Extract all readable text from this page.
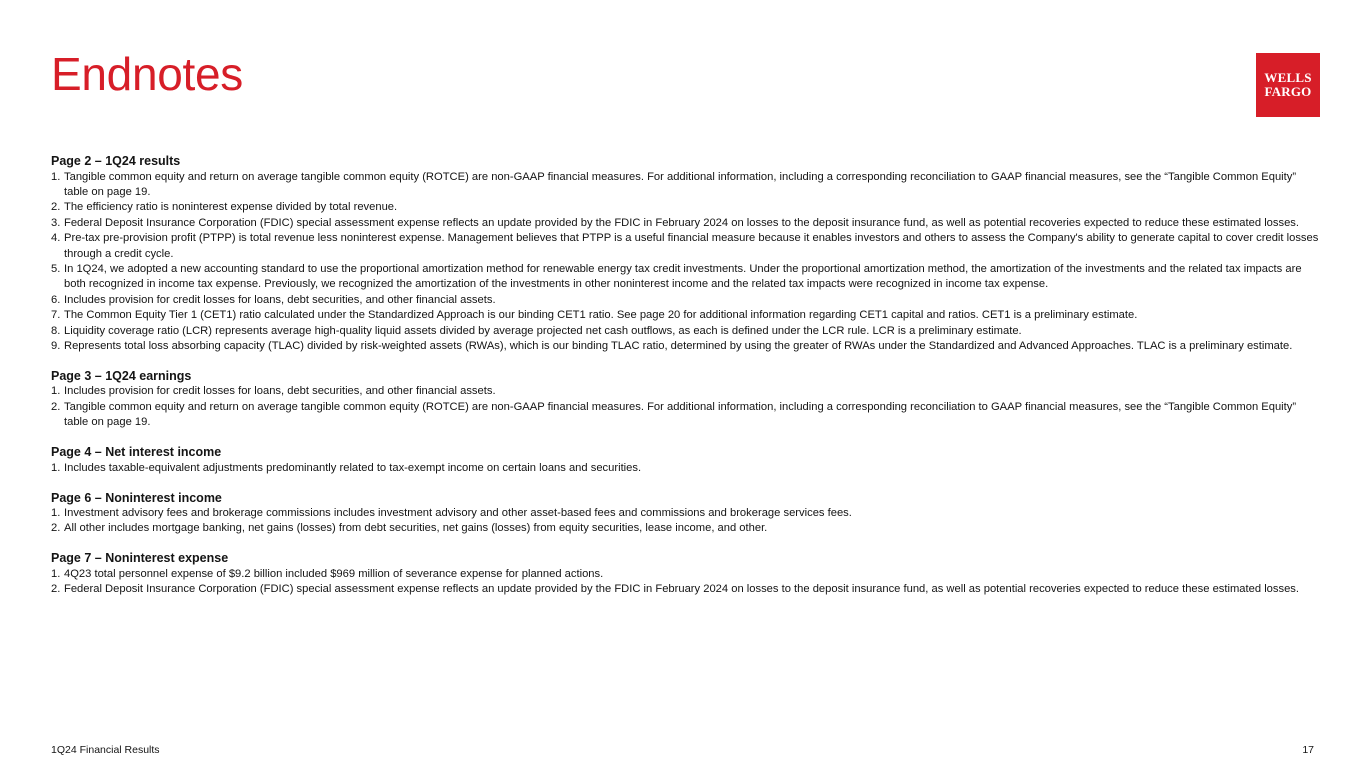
Endnotes	WELLS
FARGO
Page 2 – 1Q24 results
1. Tangible common equity and return on average tangible common equity (ROTCE) are non-GAAP financial measures. For additional information, including a corresponding reconciliation to GAAP financial measures, see the “Tangible Common Equity” table on page 19.
2. The efficiency ratio is noninterest expense divided by total revenue.
3. Federal Deposit Insurance Corporation (FDIC) special assessment expense reflects an update provided by the FDIC in February 2024 on losses to the deposit insurance fund, as well as potential recoveries expected to reduce these estimated losses.
4. Pre-tax pre-provision profit (PTPP) is total revenue less noninterest expense. Management believes that PTPP is a useful financial measure because it enables investors and others to assess the Company's ability to generate capital to cover credit losses through a credit cycle.
5. In 1Q24, we adopted a new accounting standard to use the proportional amortization method for renewable energy tax credit investments. Under the proportional amortization method, the amortization of the investments and the related tax impacts are both recognized in income tax expense. Previously, we recognized the amortization of the investments in other noninterest income and the related tax impacts were recognized in income tax expense.
6. Includes provision for credit losses for loans, debt securities, and other financial assets.
7. The Common Equity Tier 1 (CET1) ratio calculated under the Standardized Approach is our binding CET1 ratio. See page 20 for additional information regarding CET1 capital and ratios. CET1 is a preliminary estimate.
8. Liquidity coverage ratio (LCR) represents average high-quality liquid assets divided by average projected net cash outflows, as each is defined under the LCR rule. LCR is a preliminary estimate.
9. Represents total loss absorbing capacity (TLAC) divided by risk-weighted assets (RWAs), which is our binding TLAC ratio, determined by using the greater of RWAs under the Standardized and Advanced Approaches. TLAC is a preliminary estimate.
Page 3 – 1Q24 earnings
1. Includes provision for credit losses for loans, debt securities, and other financial assets.
2. Tangible common equity and return on average tangible common equity (ROTCE) are non-GAAP financial measures. For additional information, including a corresponding reconciliation to GAAP financial measures, see the “Tangible Common Equity” table on page 19.
Page 4 – Net interest income
1. Includes taxable-equivalent adjustments predominantly related to tax-exempt income on certain loans and securities.
Page 6 – Noninterest income
1. Investment advisory fees and brokerage commissions includes investment advisory and other asset-based fees and commissions and brokerage services fees.
2. All other includes mortgage banking, net gains (losses) from debt securities, net gains (losses) from equity securities, lease income, and other.
Page 7 – Noninterest expense
1. 4Q23 total personnel expense of $9.2 billion included $969 million of severance expense for planned actions.
2. Federal Deposit Insurance Corporation (FDIC) special assessment expense reflects an update provided by the FDIC in February 2024 on losses to the deposit insurance fund, as well as potential recoveries expected to reduce these estimated losses.
1Q24 Financial Results	17
